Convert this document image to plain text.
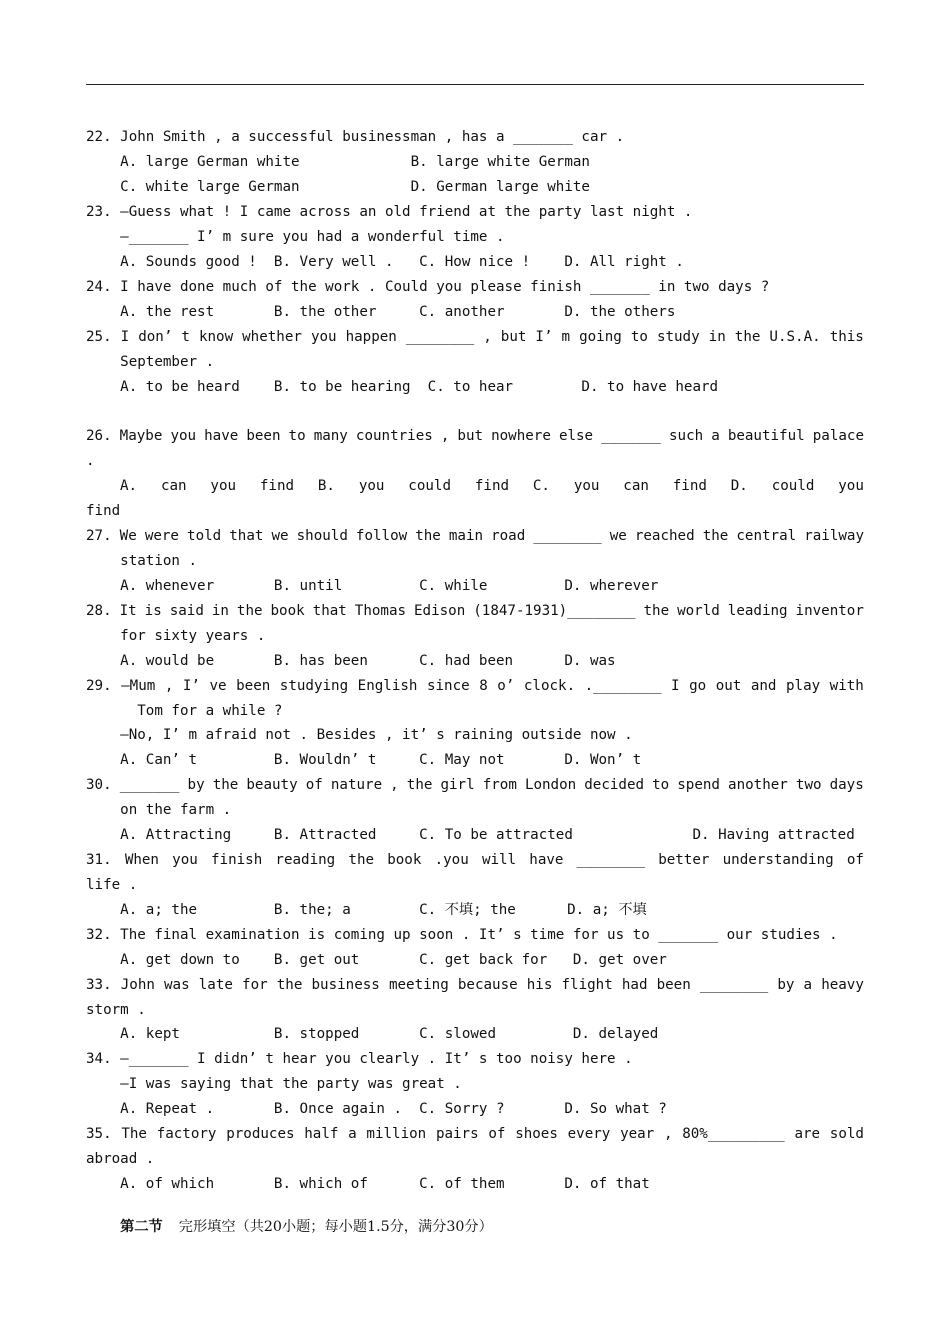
22. John Smith , a successful businessman , has a _______ car .
A. large German white             B. large white German
C. white large German             D. German large white
23. —Guess what ! I came across an old friend at the party last night .
—_______ I’ m sure you had a wonderful time .
A. Sounds good !  B. Very well .   C. How nice !    D. All right .
24. I have done much of the work . Could you please finish _______ in two days ?
A. the rest       B. the other     C. another       D. the others
25. I don’ t know whether you happen ________ , but I’ m going to study in the U.S.A. this
September .
A. to be heard    B. to be hearing  C. to hear        D. to have heard
26. Maybe you have been to many countries , but nowhere else _______ such a beautiful palace
.
A. can you find B. you could find C. you can find D. could you
find
27. We were told that we should follow the main road ________ we reached the central railway
station .
A. whenever       B. until         C. while         D. wherever
28. It is said in the book that Thomas Edison (1847-1931)________ the world leading inventor
for sixty years .
A. would be       B. has been      C. had been      D. was
29. —Mum , I’ ve been studying English since 8 o’ clock. .________ I go out and play with
Tom for a while ?
—No, I’ m afraid not . Besides , it’ s raining outside now .
A. Can’ t         B. Wouldn’ t     C. May not       D. Won’ t
30. _______ by the beauty of nature , the girl from London decided to spend another two days
on the farm .
A. Attracting     B. Attracted     C. To be attracted              D. Having attracted
31. When you finish reading the book .you will have ________ better understanding of
life .
A. a; the         B. the; a        C. 不填; the      D. a; 不填
32. The final examination is coming up soon . It’ s time for us to _______ our studies .
A. get down to    B. get out       C. get back for   D. get over
33. John was late for the business meeting because his flight had been ________ by a heavy
storm .
A. kept           B. stopped       C. slowed         D. delayed
34. —_______ I didn’ t hear you clearly . It’ s too noisy here .
—I was saying that the party was great .
A. Repeat .       B. Once again .  C. Sorry ?       D. So what ?
35. The factory produces half a million pairs of shoes every year , 80%_________ are sold
abroad .
A. of which       B. which of      C. of them       D. of that

第二节 完形填空（共20小题；每小题1.5分，满分30分）
